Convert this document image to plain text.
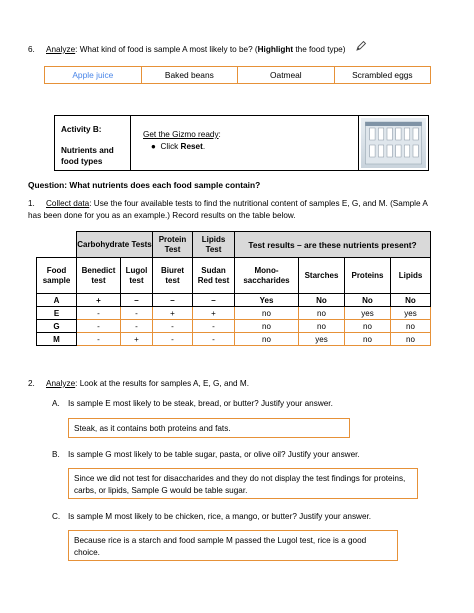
6. Analyze: What kind of food is sample A most likely to be? (Highlight the food type)
Apple juice	Baked beans	Oatmeal	Scrambled eggs
Activity B:
Nutrients and food types
Get the Gizmo ready:
● Click Reset.
Question: What nutrients does each food sample contain?
1. Collect data: Use the four available tests to find the nutritional content of samples E, G, and M. (Sample A has been done for you as an example.) Record results on the table below.
	Carbohydrate Tests		Protein Test	Lipids Test	Test results – are these nutrients present?			
Food sample	Benedict test	Lugol test	Biuret test	Sudan Red test	Mono-saccharides	Starches	Proteins	Lipids
A	+	–	–	–	Yes	No	No	No
E	-	-	+	+	no	no	yes	yes
G	-	-	-	-	no	no	no	no
M	-	+	-	-	no	yes	no	no
2. Analyze: Look at the results for samples A, E, G, and M.
A. Is sample E most likely to be steak, bread, or butter? Justify your answer.
Steak, as it contains both proteins and fats.
B. Is sample G most likely to be table sugar, pasta, or olive oil? Justify your answer.
Since we did not test for disaccharides and they do not display the test findings for proteins, carbs, or lipids, Sample G would be table sugar.
C. Is sample M most likely to be chicken, rice, a mango, or butter? Justify your answer.
Because rice is a starch and food sample M passed the Lugol test, rice is a good choice.
